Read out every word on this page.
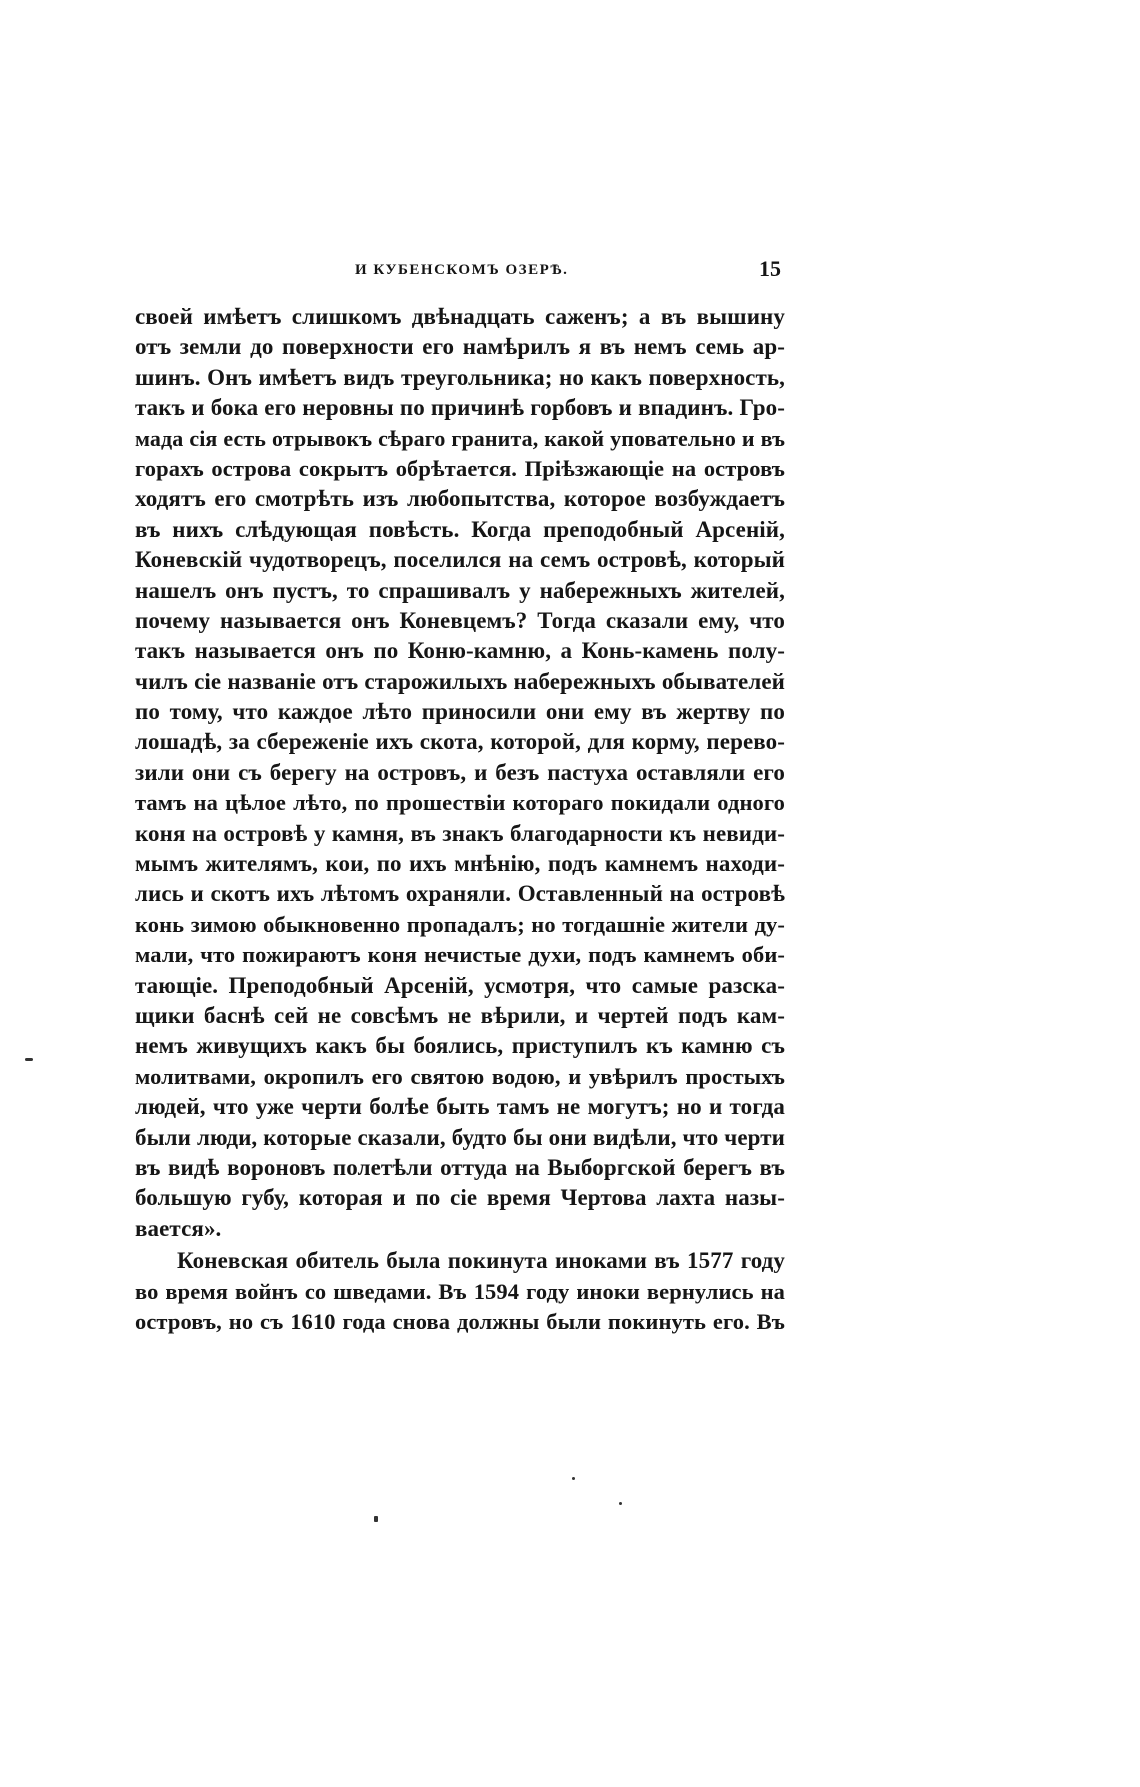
И КУБЕНСКОМЪ ОЗЕРѢ.	15
своей имѣетъ слишкомъ двѣнадцать саженъ; а въ вышину
отъ земли до поверхности его намѣрилъ я въ немъ семь ар-
шинъ. Онъ имѣетъ видъ треугольника; но какъ поверхность,
такъ и бока его неровны по причинѣ горбовъ и впадинъ. Гро-
мада сія есть отрывокъ сѣраго гранита, какой уповательно и въ
горахъ острова сокрытъ обрѣтается. Пріѣзжающіе на островъ
ходятъ его смотрѣть изъ любопытства, которое возбуждаетъ
въ нихъ слѣдующая повѣсть. Когда преподобный Арсеній,
Коневскій чудотворецъ, поселился на семъ островѣ, который
нашелъ онъ пустъ, то спрашивалъ у набережныхъ жителей,
почему называется онъ Коневцемъ? Тогда сказали ему, что
такъ называется онъ по Коню-камню, а Конь-камень полу-
чилъ сіе названіе отъ старожилыхъ набережныхъ обывателей
по тому, что каждое лѣто приносили они ему въ жертву по
лошадѣ, за сбереженіе ихъ скота, которой, для корму, перево-
зили они съ берегу на островъ, и безъ пастуха оставляли его
тамъ на цѣлое лѣто, по прошествіи котораго покидали одного
коня на островѣ у камня, въ знакъ благодарности къ невиди-
мымъ жителямъ, кои, по ихъ мнѣнію, подъ камнемъ находи-
лись и скотъ ихъ лѣтомъ охраняли. Оставленный на островѣ
конь зимою обыкновенно пропадалъ; но тогдашніе жители ду-
мали, что пожираютъ коня нечистые духи, подъ камнемъ оби-
тающіе. Преподобный Арсеній, усмотря, что самые разска-
щики баснѣ сей не совсѣмъ не вѣрили, и чертей подъ кам-
немъ живущихъ какъ бы боялись, приступилъ къ камню съ
молитвами, окропилъ его святою водою, и увѣрилъ простыхъ
людей, что уже черти болѣе быть тамъ не могутъ; но и тогда
были люди, которые сказали, будто бы они видѣли, что черти
въ видѣ вороновъ полетѣли оттуда на Выборгской берегъ въ
большую губу, которая и по сіе время Чертова лахта назы-
вается».
Коневская обитель была покинута иноками въ 1577 году
во время войнъ со шведами. Въ 1594 году иноки вернулись на
островъ, но съ 1610 года снова должны были покинуть его. Въ
